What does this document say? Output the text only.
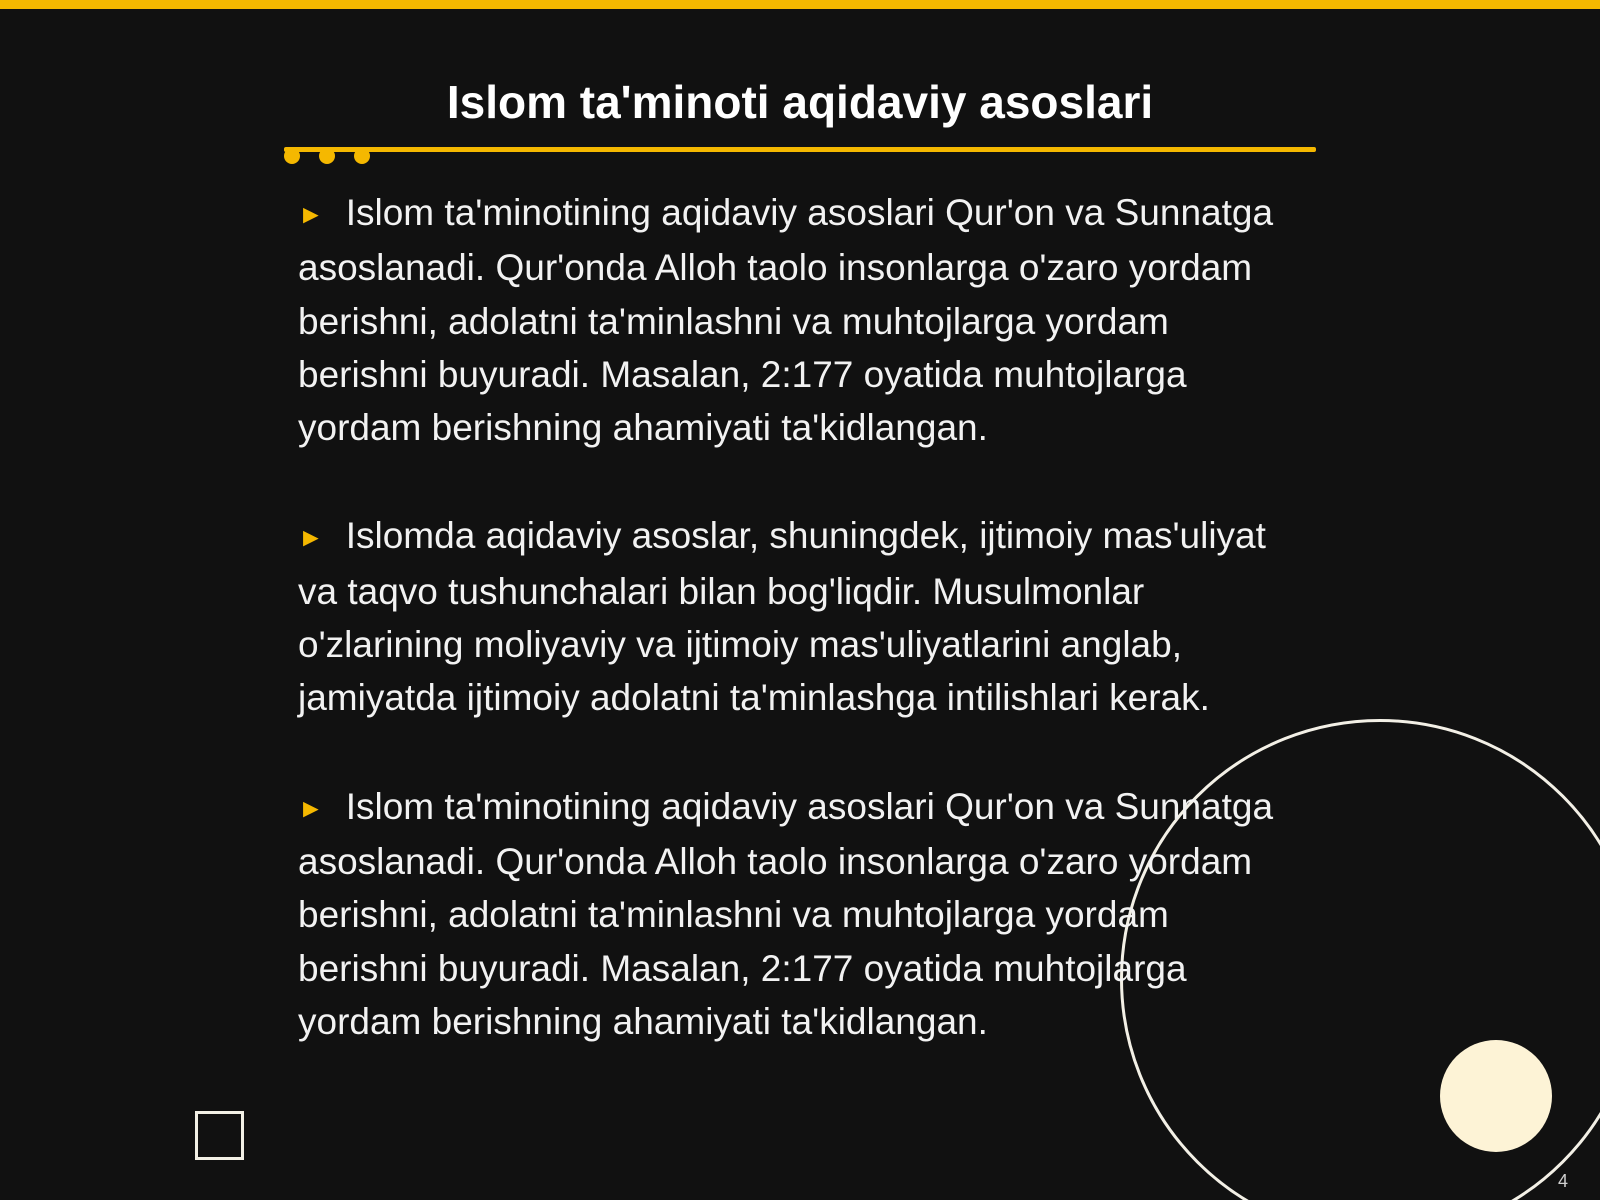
Islom ta'minoti aqidaviy asoslari

► Islom ta'minotining aqidaviy asoslari Qur'on va Sunnatga asoslanadi. Qur'onda Alloh taolo insonlarga o'zaro yordam berishni, adolatni ta'minlashni va muhtojlarga yordam berishni buyuradi. Masalan, 2:177 oyatida muhtojlarga yordam berishning ahamiyati ta'kidlangan.

► Islomda aqidaviy asoslar, shuningdek, ijtimoiy mas'uliyat va taqvo tushunchalari bilan bog'liqdir. Musulmonlar o'zlarining moliyaviy va ijtimoiy mas'uliyatlarini anglab, jamiyatda ijtimoiy adolatni ta'minlashga intilishlari kerak.

► Islom ta'minotining aqidaviy asoslari Qur'on va Sunnatga asoslanadi. Qur'onda Alloh taolo insonlarga o'zaro yordam berishni, adolatni ta'minlashni va muhtojlarga yordam berishni buyuradi. Masalan, 2:177 oyatida muhtojlarga yordam berishning ahamiyati ta'kidlangan.

4
